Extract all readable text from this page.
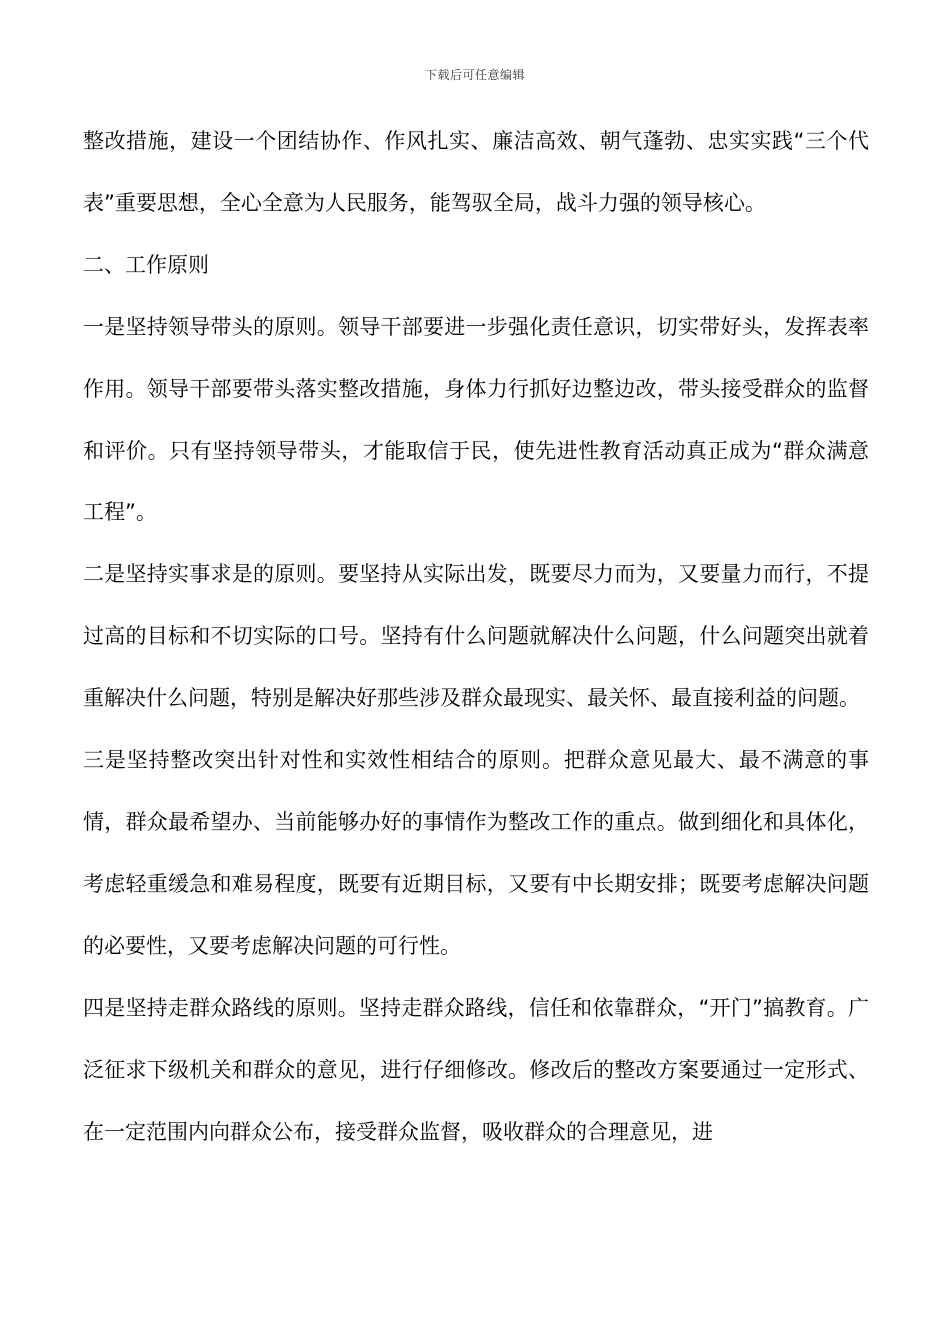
下载后可任意编辑

整改措施，建设一个团结协作、作风扎实、廉洁高效、朝气蓬勃、忠实实践“三个代表”重要思想，全心全意为人民服务，能驾驭全局，战斗力强的领导核心。

二、工作原则

一是坚持领导带头的原则。领导干部要进一步强化责任意识，切实带好头，发挥表率作用。领导干部要带头落实整改措施，身体力行抓好边整边改，带头接受群众的监督和评价。只有坚持领导带头，才能取信于民，使先进性教育活动真正成为“群众满意工程”。

二是坚持实事求是的原则。要坚持从实际出发，既要尽力而为，又要量力而行，不提过高的目标和不切实际的口号。坚持有什么问题就解决什么问题，什么问题突出就着重解决什么问题，特别是解决好那些涉及群众最现实、最关怀、最直接利益的问题。

三是坚持整改突出针对性和实效性相结合的原则。把群众意见最大、最不满意的事情，群众最希望办、当前能够办好的事情作为整改工作的重点。做到细化和具体化，考虑轻重缓急和难易程度，既要有近期目标，又要有中长期安排；既要考虑解决问题的必要性，又要考虑解决问题的可行性。

四是坚持走群众路线的原则。坚持走群众路线，信任和依靠群众，“开门”搞教育。广泛征求下级机关和群众的意见，进行仔细修改。修改后的整改方案要通过一定形式、在一定范围内向群众公布，接受群众监督，吸收群众的合理意见，进
